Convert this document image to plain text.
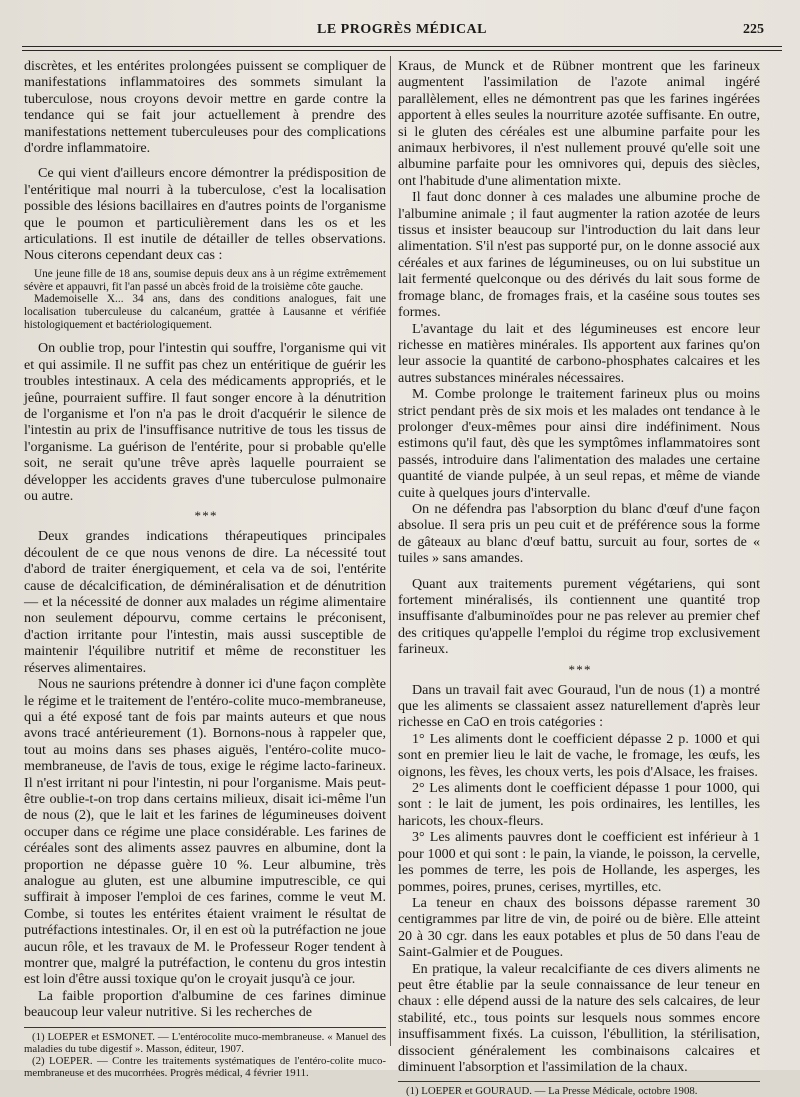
LE PROGRÈS MÉDICAL	225

discrètes, et les entérites prolongées puissent se compliquer de manifestations inflammatoires des sommets simulant la tuberculose, nous croyons devoir mettre en garde contre la tendance qui se fait jour actuellement à prendre des manifestations nettement tuberculeuses pour des complications d'ordre inflammatoire.

Ce qui vient d'ailleurs encore démontrer la prédisposition de l'entéritique mal nourri à la tuberculose, c'est la localisation possible des lésions bacillaires en d'autres points de l'organisme que le poumon et particulièrement dans les os et les articulations. Il est inutile de détailler de telles observations. Nous citerons cependant deux cas :

Une jeune fille de 18 ans, soumise depuis deux ans à un régime extrêmement sévère et appauvri, fit l'an passé un abcès froid de la troisième côte gauche.

Mademoiselle X... 34 ans, dans des conditions analogues, fait une localisation tuberculeuse du calcanéum, grattée à Lausanne et vérifiée histologiquement et bactériologiquement.

On oublie trop, pour l'intestin qui souffre, l'organisme qui vit et qui assimile. Il ne suffit pas chez un entéritique de guérir les troubles intestinaux. A cela des médicaments appropriés, et le jeûne, pourraient suffire. Il faut songer encore à la dénutrition de l'organisme et l'on n'a pas le droit d'acquérir le silence de l'intestin au prix de l'insuffisance nutritive de tous les tissus de l'organisme. La guérison de l'entérite, pour si probable qu'elle soit, ne serait qu'une trêve après laquelle pourraient se développer les accidents graves d'une tuberculose pulmonaire ou autre.

* * *

Deux grandes indications thérapeutiques principales découlent de ce que nous venons de dire. La nécessité tout d'abord de traiter énergiquement, et cela va de soi, l'entérite cause de décalcification, de déminéralisation et de dénutrition — et la nécessité de donner aux malades un régime alimentaire non seulement dépourvu, comme certains le préconisent, d'action irritante pour l'intestin, mais aussi susceptible de maintenir l'équilibre nutritif et même de reconstituer les réserves alimentaires.

Nous ne saurions prétendre à donner ici d'une façon complète le régime et le traitement de l'entéro-colite muco-membraneuse, qui a été exposé tant de fois par maints auteurs et que nous avons tracé antérieurement (1). Bornons-nous à rappeler que, tout au moins dans ses phases aiguës, l'entéro-colite muco-membraneuse, de l'avis de tous, exige le régime lacto-farineux. Il n'est irritant ni pour l'intestin, ni pour l'organisme. Mais peut-être oublie-t-on trop dans certains milieux, disait ici-même l'un de nous (2), que le lait et les farines de légumineuses doivent occuper dans ce régime une place considérable. Les farines de céréales sont des aliments assez pauvres en albumine, dont la proportion ne dépasse guère 10 %. Leur albumine, très analogue au gluten, est une albumine imputrescible, ce qui suffirait à imposer l'emploi de ces farines, comme le veut M. Combe, si toutes les entérites étaient vraiment le résultat de putréfactions intestinales. Or, il en est où la putréfaction ne joue aucun rôle, et les travaux de M. le Professeur Roger tendent à montrer que, malgré la putréfaction, le contenu du gros intestin est loin d'être aussi toxique qu'on le croyait jusqu'à ce jour.

La faible proportion d'albumine de ces farines diminue beaucoup leur valeur nutritive. Si les recherches de

(1) LOEPER et ESMONET. — L'entérocolite muco-membraneuse. « Manuel des maladies du tube digestif ». Masson, éditeur, 1907.

(2) LOEPER. — Contre les traitements systématiques de l'entéro-colite muco-membraneuse et des mucorrhées. Progrès médical, 4 février 1911.

Kraus, de Munck et de Rübner montrent que les farineux augmentent l'assimilation de l'azote animal ingéré parallèlement, elles ne démontrent pas que les farines ingérées apportent à elles seules la nourriture azotée suffisante. En outre, si le gluten des céréales est une albumine parfaite pour les animaux herbivores, il n'est nullement prouvé qu'elle soit une albumine parfaite pour les omnivores qui, depuis des siècles, ont l'habitude d'une alimentation mixte.

Il faut donc donner à ces malades une albumine proche de l'albumine animale ; il faut augmenter la ration azotée de leurs tissus et insister beaucoup sur l'introduction du lait dans leur alimentation. S'il n'est pas supporté pur, on le donne associé aux céréales et aux farines de légumineuses, ou on lui substitue un lait fermenté quelconque ou des dérivés du lait sous forme de fromage blanc, de fromages frais, et la caséine sous toutes ses formes.

L'avantage du lait et des légumineuses est encore leur richesse en matières minérales. Ils apportent aux farines qu'on leur associe la quantité de carbono-phosphates calcaires et les autres substances minérales nécessaires.

M. Combe prolonge le traitement farineux plus ou moins strict pendant près de six mois et les malades ont tendance à le prolonger d'eux-mêmes pour ainsi dire indéfiniment. Nous estimons qu'il faut, dès que les symptômes inflammatoires sont passés, introduire dans l'alimentation des malades une certaine quantité de viande pulpée, à un seul repas, et même de viande cuite à quelques jours d'intervalle.

On ne défendra pas l'absorption du blanc d'œuf d'une façon absolue. Il sera pris un peu cuit et de préférence sous la forme de gâteaux au blanc d'œuf battu, surcuit au four, sortes de « tuiles » sans amandes.

Quant aux traitements purement végétariens, qui sont fortement minéralisés, ils contiennent une quantité trop insuffisante d'albuminoïdes pour ne pas relever au premier chef des critiques qu'appelle l'emploi du régime trop exclusivement farineux.

* * *

Dans un travail fait avec Gouraud, l'un de nous (1) a montré que les aliments se classaient assez naturellement d'après leur richesse en CaO en trois catégories :

1° Les aliments dont le coefficient dépasse 2 p. 1000 et qui sont en premier lieu le lait de vache, le fromage, les œufs, les oignons, les fèves, les choux verts, les pois d'Alsace, les fraises.

2° Les aliments dont le coefficient dépasse 1 pour 1000, qui sont : le lait de jument, les pois ordinaires, les lentilles, les haricots, les choux-fleurs.

3° Les aliments pauvres dont le coefficient est inférieur à 1 pour 1000 et qui sont : le pain, la viande, le poisson, la cervelle, les pommes de terre, les pois de Hollande, les asperges, les pommes, poires, prunes, cerises, myrtilles, etc.

La teneur en chaux des boissons dépasse rarement 30 centigrammes par litre de vin, de poiré ou de bière. Elle atteint 20 à 30 cgr. dans les eaux potables et plus de 50 dans l'eau de Saint-Galmier et de Pougues.

En pratique, la valeur recalcifiante de ces divers aliments ne peut être établie par la seule connaissance de leur teneur en chaux : elle dépend aussi de la nature des sels calcaires, de leur stabilité, etc., tous points sur lesquels nous sommes encore insuffisamment fixés. La cuisson, l'ébullition, la stérilisation, dissocient généralement les combinaisons calcaires et diminuent l'absorption et l'assimilation de la chaux.

(1) LOEPER et GOURAUD. — La Presse Médicale, octobre 1908.
